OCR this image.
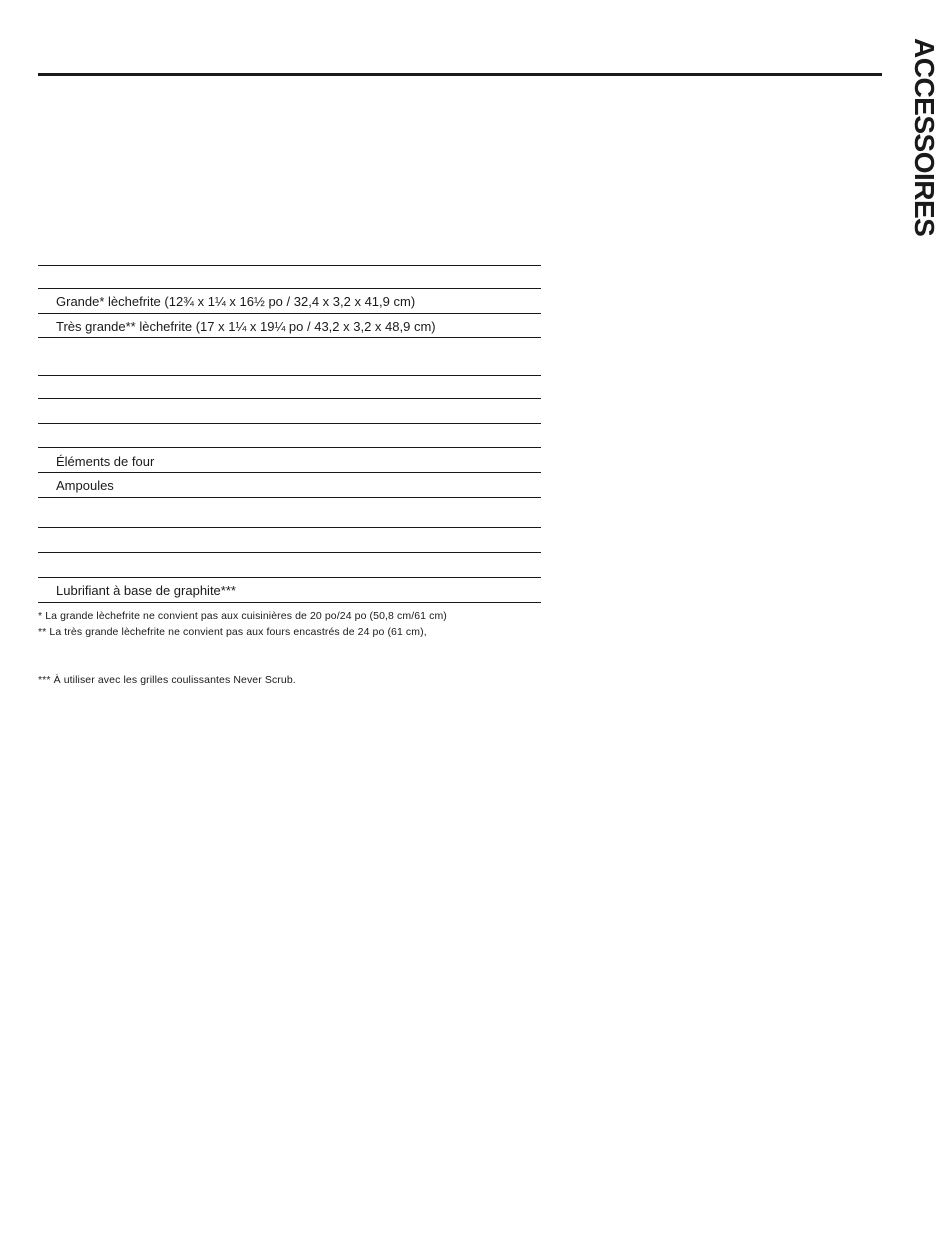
ACCESSOIRES
Grande* lèchefrite (12¾ x 1¼ x 16½ po / 32,4 x 3,2 x 41,9 cm)
Très grande** lèchefrite (17 x 1¼ x 19¼ po / 43,2 x 3,2 x 48,9 cm)
Éléments de four
Ampoules
Lubrifiant à base de graphite***
* La grande lèchefrite ne convient pas aux cuisinières de 20 po/24 po (50,8 cm/61 cm)
** La très grande lèchefrite ne convient pas aux fours encastrés de 24 po (61 cm),
*** À utiliser avec les grilles coulissantes Never Scrub.
